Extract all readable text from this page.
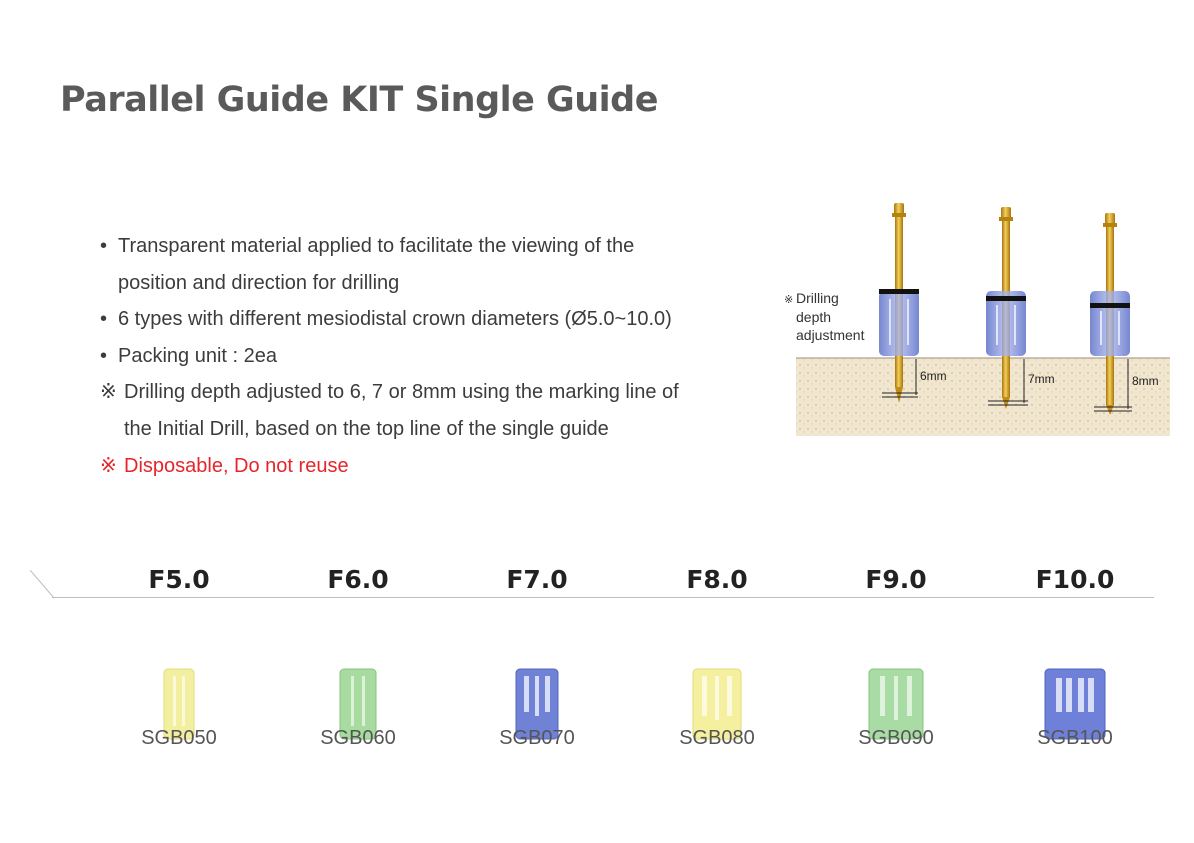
Parallel Guide KIT Single Guide
• Transparent material applied to facilitate the viewing of the
position and direction for drilling
• 6 types with different mesiodistal crown diameters (Ø5.0~10.0)
• Packing unit : 2ea
※ Drilling depth adjusted to 6, 7 or 8mm using the marking line of
the Initial Drill, based on the top line of the single guide
※ Disposable, Do not reuse
6mm	7mm	8mm
※ Drilling
depth
adjustment
F5.0
SGB050
F6.0
SGB060
F7.0
SGB070
F8.0
SGB080
F9.0
SGB090
F10.0
SGB100
